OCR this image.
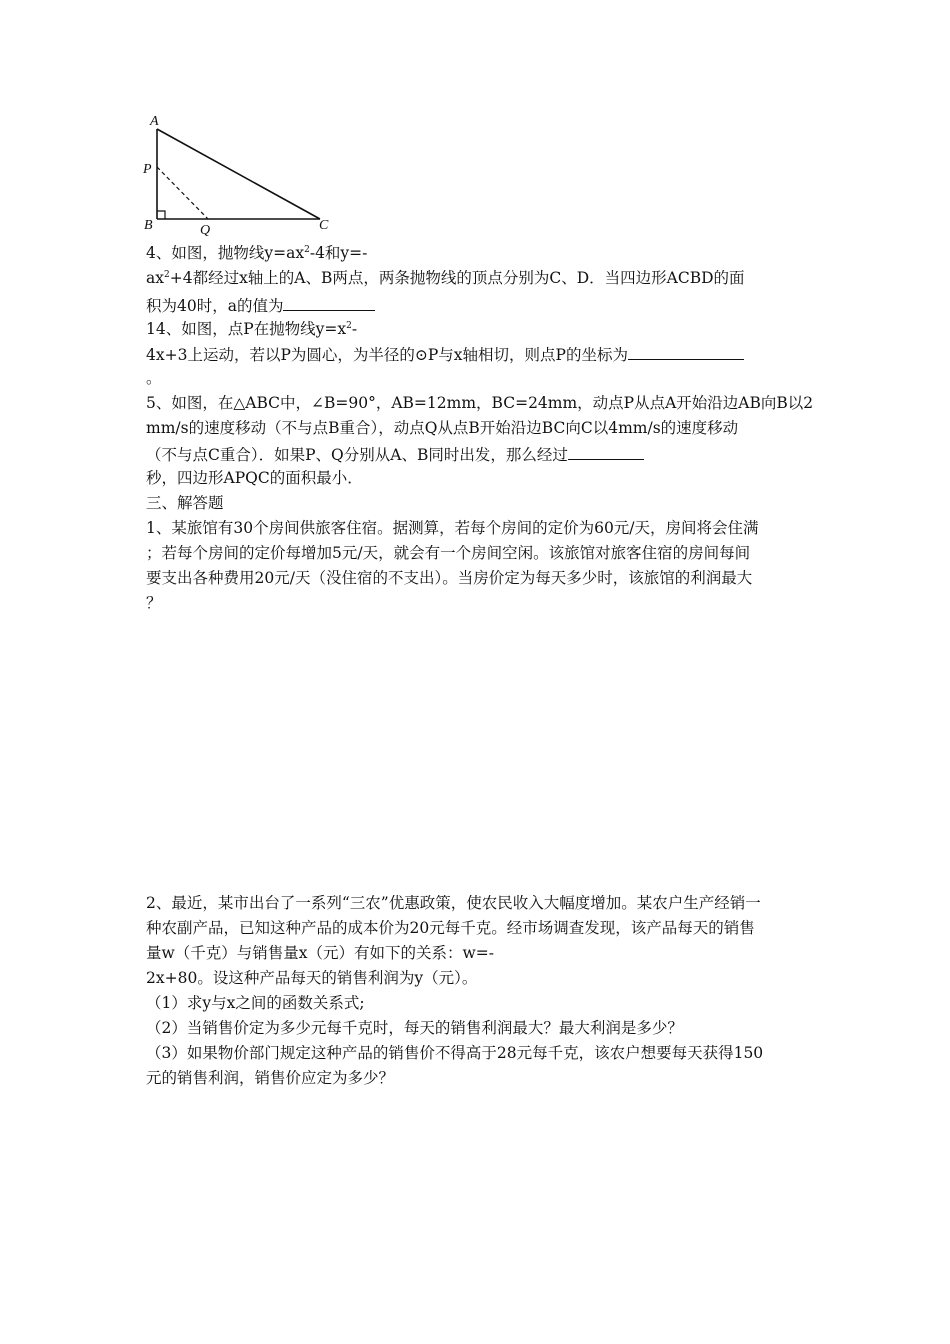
A
P
B	Q	C
4、如图，抛物线$y=ax^2-4$和y=-
$ax^2+4$都经过x轴上的A、B两点，两条抛物线的顶点分别为C、D．当四边形ACBD的面
积为40时，a的值为
14、如图，点P在抛物线$y=x^2-$
4x+3上运动，若以P为圆心，为半径的⊙P与x轴相切，则点P的坐标为
。
5、如图，在△ABC中，∠B=90°，AB=12mm，BC=24mm，动点P从点A开始沿边AB向B以2
mm/s的速度移动（不与点B重合），动点Q从点B开始沿边BC向C以4mm/s的速度移动
（不与点C重合）．如果P、Q分别从A、B同时出发，那么经过
秒，四边形APQC的面积最小．
三、解答题
1、某旅馆有30个房间供旅客住宿。据测算，若每个房间的定价为60元/天，房间将会住满
；若每个房间的定价每增加5元/天，就会有一个房间空闲。该旅馆对旅客住宿的房间每间
要支出各种费用20元/天（没住宿的不支出）。当房价定为每天多少时，该旅馆的利润最大
？
2、最近，某市出台了一系列“三农”优惠政策，使农民收入大幅度增加。某农户生产经销一
种农副产品，已知这种产品的成本价为20元每千克。经市场调查发现，该产品每天的销售
量w（千克）与销售量x（元）有如下的关系：w=-
2x+80。设这种产品每天的销售利润为y（元）。
（1）求y与x之间的函数关系式;
（2）当销售价定为多少元每千克时，每天的销售利润最大？最大利润是多少？
（3）如果物价部门规定这种产品的销售价不得高于28元每千克，该农户想要每天获得150
元的销售利润，销售价应定为多少？
